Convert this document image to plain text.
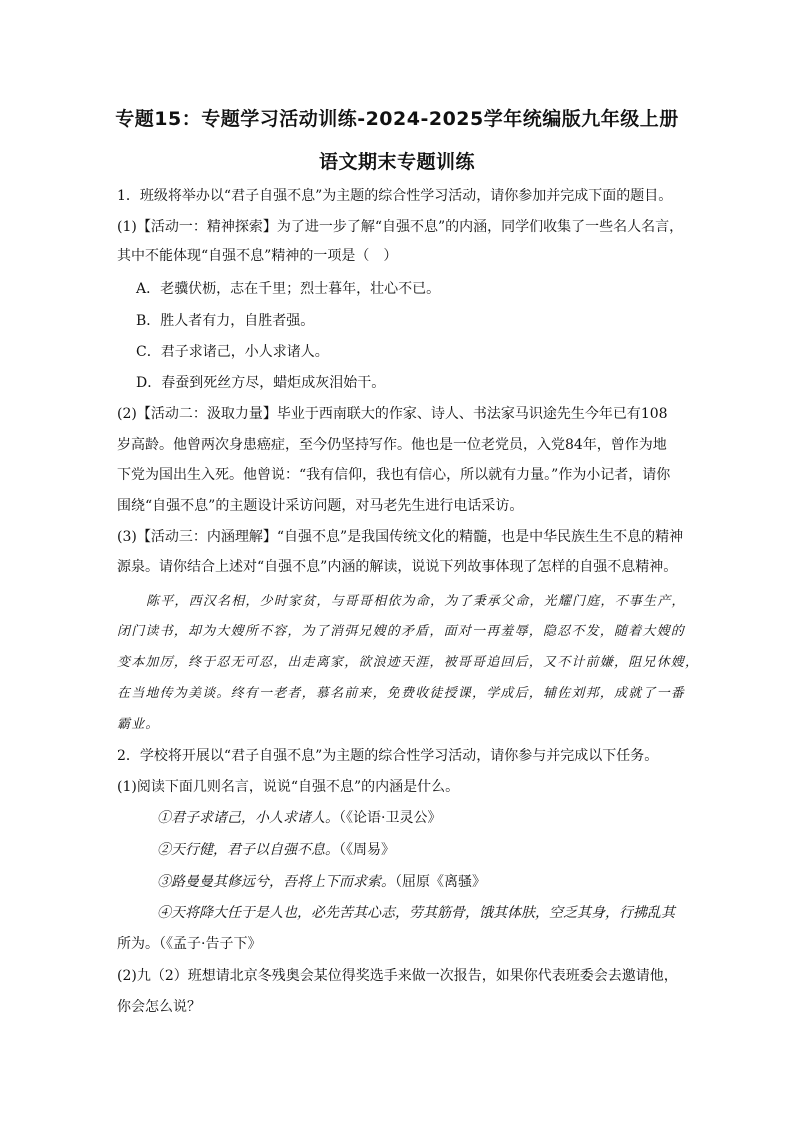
专题15：专题学习活动训练-2024-2025学年统编版九年级上册
语文期末专题训练
1．班级将举办以“君子自强不息”为主题的综合性学习活动，请你参加并完成下面的题目。
(1)【活动一：精神探索】为了进一步了解“自强不息”的内涵，同学们收集了一些名人名言，
其中不能体现“自强不息”精神的一项是（　）
A．老骥伏枥，志在千里；烈士暮年，壮心不已。
B．胜人者有力，自胜者强。
C．君子求诸己，小人求诸人。
D．春蚕到死丝方尽，蜡炬成灰泪始干。
(2)【活动二：汲取力量】毕业于西南联大的作家、诗人、书法家马识途先生今年已有108
岁高龄。他曾两次身患癌症，至今仍坚持写作。他也是一位老党员，入党84年，曾作为地
下党为国出生入死。他曾说：“我有信仰，我也有信心，所以就有力量。”作为小记者，请你
围绕“自强不息”的主题设计采访问题，对马老先生进行电话采访。
(3)【活动三：内涵理解】“自强不息”是我国传统文化的精髓，也是中华民族生生不息的精神
源泉。请你结合上述对“自强不息”内涵的解读，说说下列故事体现了怎样的自强不息精神。
陈平，西汉名相，少时家贫，与哥哥相依为命，为了秉承父命，光耀门庭，不事生产，
闭门读书，却为大嫂所不容，为了消弭兄嫂的矛盾，面对一再羞辱，隐忍不发，随着大嫂的
变本加厉，终于忍无可忍，出走离家，欲浪迹天涯，被哥哥追回后，又不计前嫌，阻兄休嫂，
在当地传为美谈。终有一老者，慕名前来，免费收徒授课，学成后，辅佐刘邦，成就了一番
霸业。
2．学校将开展以“君子自强不息”为主题的综合性学习活动，请你参与并完成以下任务。
(1)阅读下面几则名言，说说“自强不息”的内涵是什么。
①君子求诸己，小人求诸人。（《论语·卫灵公》
②天行健，君子以自强不息。（《周易》
③路曼曼其修远兮，吾将上下而求索。（屈原《离骚》
④天将降大任于是人也，必先苦其心志，劳其筋骨，饿其体肤，空乏其身，行拂乱其
所为。（《孟子·告子下》
(2)九（2）班想请北京冬残奥会某位得奖选手来做一次报告，如果你代表班委会去邀请他，
你会怎么说？
